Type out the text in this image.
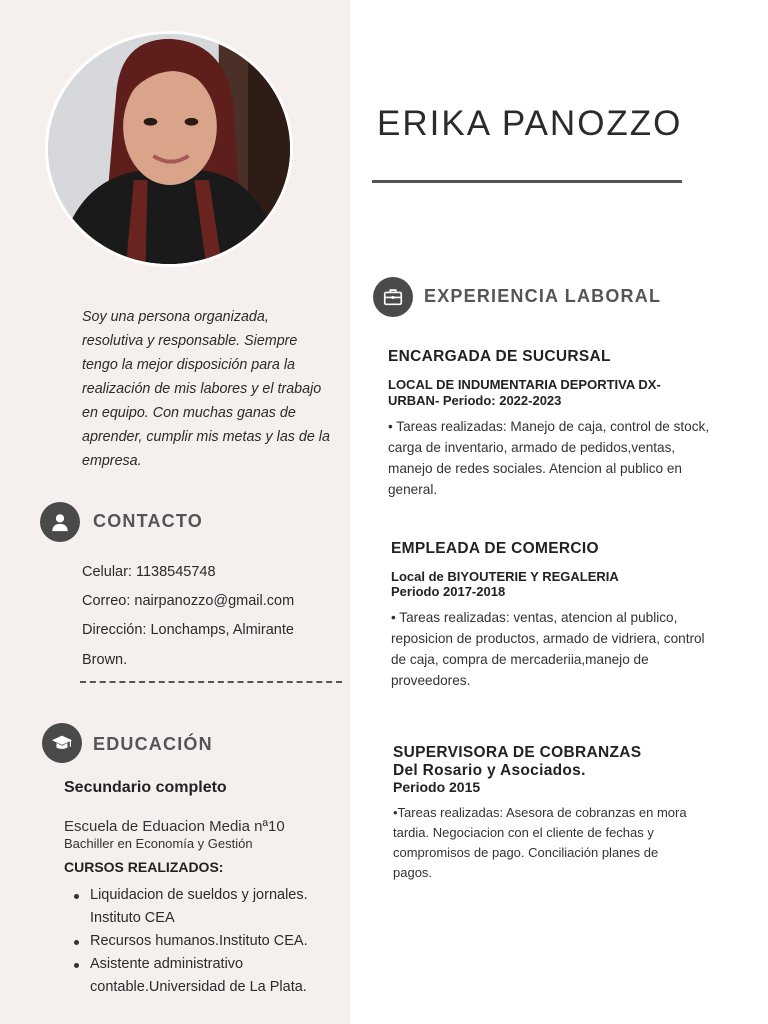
Soy una persona organizada, resolutiva y responsable. Siempre tengo la mejor disposición para la realización de mis labores y el trabajo en equipo. Con muchas ganas de aprender, cumplir mis metas y las de la empresa.
CONTACTO
Celular: 1138545748
Correo: nairpanozzo@gmail.com
Dirección: Lonchamps, Almirante
Brown.
EDUCACIÓN
Secundario completo
Escuela de Eduacion Media nª10
Bachiller en Economía y Gestión
CURSOS REALIZADOS:
Liquidacion de sueldos y jornales. Instituto CEA
Recursos humanos.Instituto CEA.
Asistente administrativo contable.Universidad de La Plata.
ERIKA PANOZZO
EXPERIENCIA LABORAL
ENCARGADA DE SUCURSAL
LOCAL DE INDUMENTARIA DEPORTIVA DX-
URBAN- Periodo: 2022-2023
• Tareas realizadas: Manejo de caja, control de stock, carga de inventario, armado de pedidos,ventas, manejo de redes sociales. Atencion al publico en general.
EMPLEADA DE COMERCIO
Local de BIYOUTERIE Y REGALERIA
Periodo 2017-2018
• Tareas realizadas: ventas, atencion al publico, reposicion de productos, armado de vidriera, control de caja, compra de mercaderiia,manejo de proveedores.
SUPERVISORA DE COBRANZAS
Del Rosario y Asociados.
Periodo 2015
•Tareas realizadas: Asesora de cobranzas en mora tardia. Negociacion con el cliente de fechas y compromisos de pago. Conciliación planes de pagos.
